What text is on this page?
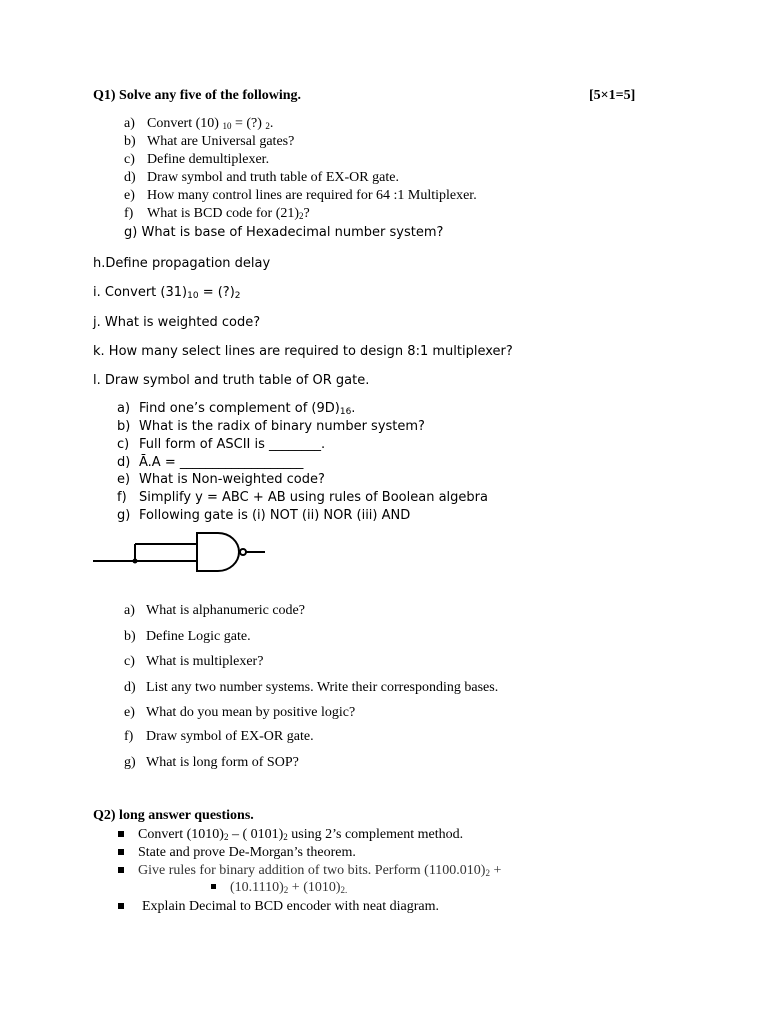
Q1) Solve any five of the following.	[5×1=5]
a) Convert (10) $_{10}$ = (?) $_2$.
b) What are Universal gates?
c) Define demultiplexer.
d) Draw symbol and truth table of EX-OR gate.
e) How many control lines are required for 64 :1 Multiplexer.
f) What is BCD code for $(21)_2$?
g) What is base of Hexadecimal number system?
h.Define propagation delay
i. Convert $(31)_{10}$ = $(?)_2$
j. What is weighted code?
k. How many select lines are required to design 8:1 multiplexer?
l. Draw symbol and truth table of OR gate.
a) Find one’s complement of $(9D)_{16}$.
b) What is the radix of binary number system?
c) Full form of ASCII is ________.
d) Ā.A = ___________________
e) What is Non-weighted code?
f) Simplify y = ABC + AB using rules of Boolean algebra
g) Following gate is (i) NOT (ii) NOR (iii) AND
a) What is alphanumeric code?
b) Define Logic gate.
c) What is multiplexer?
d) List any two number systems. Write their corresponding bases.
e) What do you mean by positive logic?
f) Draw symbol of EX-OR gate.
g) What is long form of SOP?
Q2) long answer questions.
Convert $(1010)_2$ – ( $0101)_2$ using 2’s complement method.
State and prove De-Morgan’s theorem.
Give rules for binary addition of two bits. Perform $(1100.010)_2$ +
$(10.1110)_2 + (1010)_{2.}$
Explain Decimal to BCD encoder with neat diagram.
